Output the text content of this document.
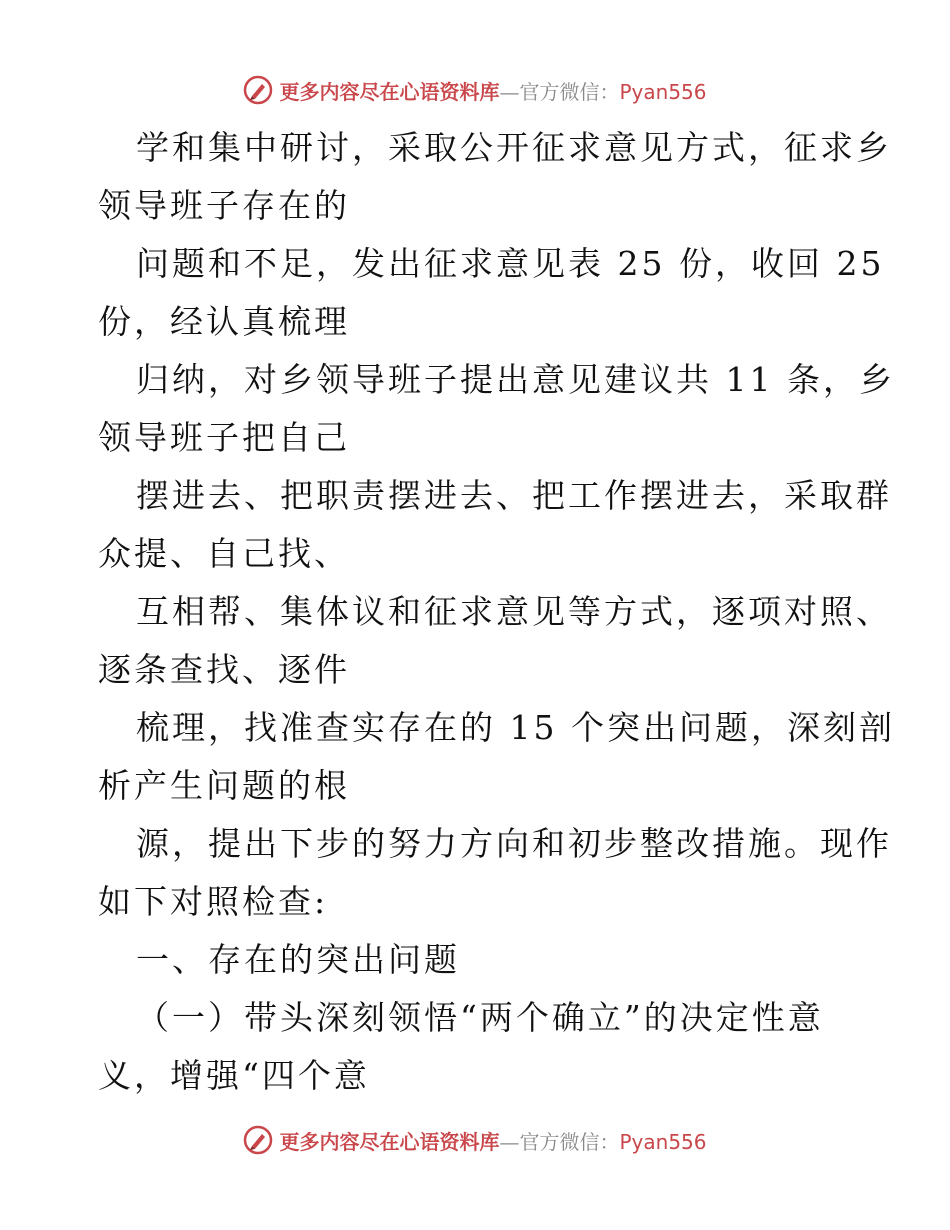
更多内容尽在心语资料库—官方微信：Pyan556
学和集中研讨，采取公开征求意见方式，征求乡
领导班子存在的
问题和不足，发出征求意见表 25 份，收回 25
份，经认真梳理
归纳，对乡领导班子提出意见建议共 11 条，乡
领导班子把自己
摆进去、把职责摆进去、把工作摆进去，采取群
众提、自己找、
互相帮、集体议和征求意见等方式，逐项对照、
逐条查找、逐件
梳理，找准查实存在的 15 个突出问题，深刻剖
析产生问题的根
源，提出下步的努力方向和初步整改措施。现作
如下对照检查:
一、存在的突出问题
（一）带头深刻领悟“两个确立”的决定性意
义，增强“四个意
更多内容尽在心语资料库—官方微信：Pyan556
